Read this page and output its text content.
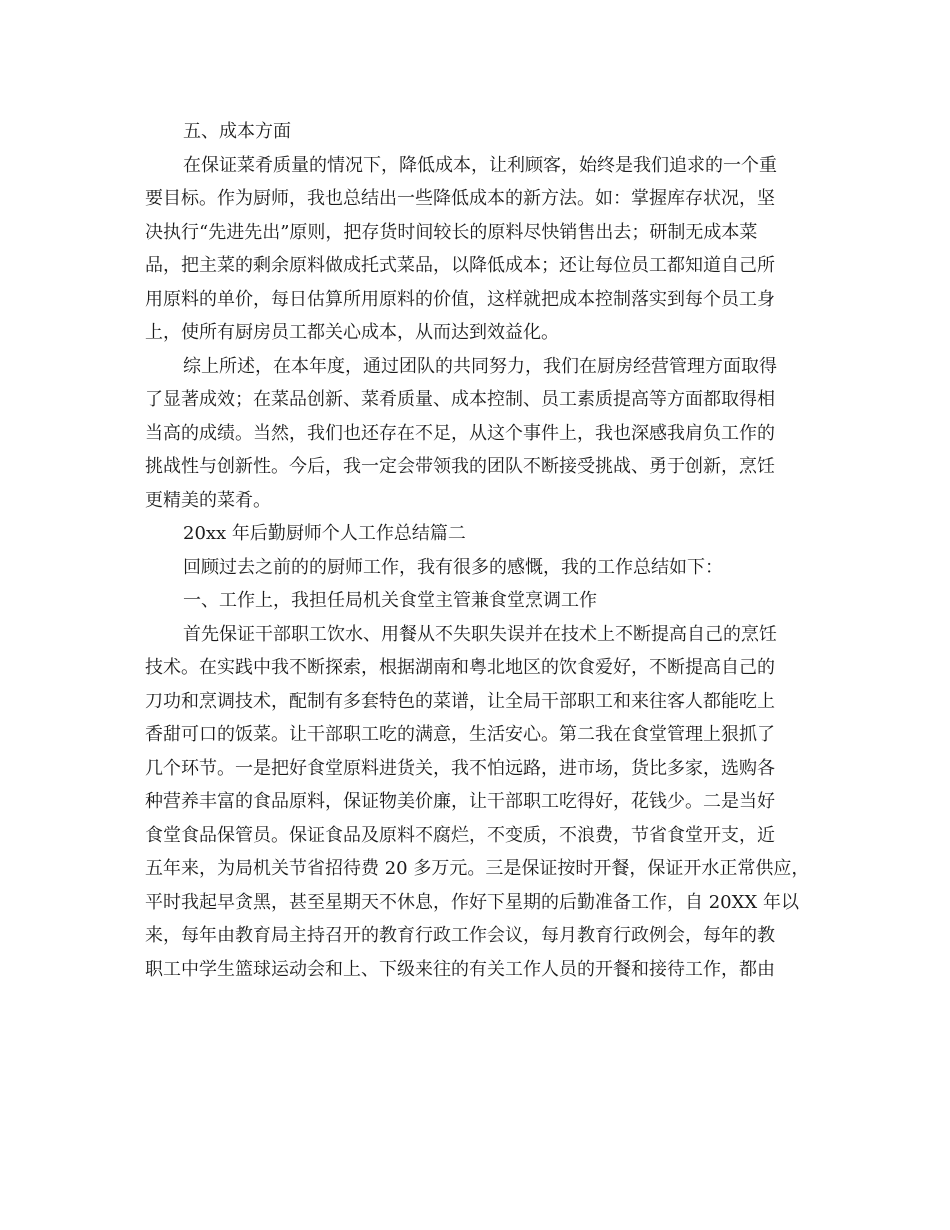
五、成本方面
在保证菜肴质量的情况下，降低成本，让利顾客，始终是我们追求的一个重
要目标。作为厨师，我也总结出一些降低成本的新方法。如：掌握库存状况，坚
决执行“先进先出”原则，把存货时间较长的原料尽快销售出去；研制无成本菜
品，把主菜的剩余原料做成托式菜品，以降低成本；还让每位员工都知道自己所
用原料的单价，每日估算所用原料的价值，这样就把成本控制落实到每个员工身
上，使所有厨房员工都关心成本，从而达到效益化。
综上所述，在本年度，通过团队的共同努力，我们在厨房经营管理方面取得
了显著成效；在菜品创新、菜肴质量、成本控制、员工素质提高等方面都取得相
当高的成绩。当然，我们也还存在不足，从这个事件上，我也深感我肩负工作的
挑战性与创新性。今后，我一定会带领我的团队不断接受挑战、勇于创新，烹饪
更精美的菜肴。
20xx 年后勤厨师个人工作总结篇二
回顾过去之前的的厨师工作，我有很多的感慨，我的工作总结如下：
一、工作上，我担任局机关食堂主管兼食堂烹调工作
首先保证干部职工饮水、用餐从不失职失误并在技术上不断提高自己的烹饪
技术。在实践中我不断探索，根据湖南和粤北地区的饮食爱好，不断提高自己的
刀功和烹调技术，配制有多套特色的菜谱，让全局干部职工和来往客人都能吃上
香甜可口的饭菜。让干部职工吃的满意，生活安心。第二我在食堂管理上狠抓了
几个环节。一是把好食堂原料进货关，我不怕远路，进市场，货比多家，选购各
种营养丰富的食品原料，保证物美价廉，让干部职工吃得好，花钱少。二是当好
食堂食品保管员。保证食品及原料不腐烂，不变质，不浪费，节省食堂开支，近
五年来，为局机关节省招待费 20 多万元。三是保证按时开餐，保证开水正常供应，
平时我起早贪黑，甚至星期天不休息，作好下星期的后勤准备工作，自 20XX 年以
来，每年由教育局主持召开的教育行政工作会议，每月教育行政例会，每年的教
职工中学生篮球运动会和上、下级来往的有关工作人员的开餐和接待工作，都由
